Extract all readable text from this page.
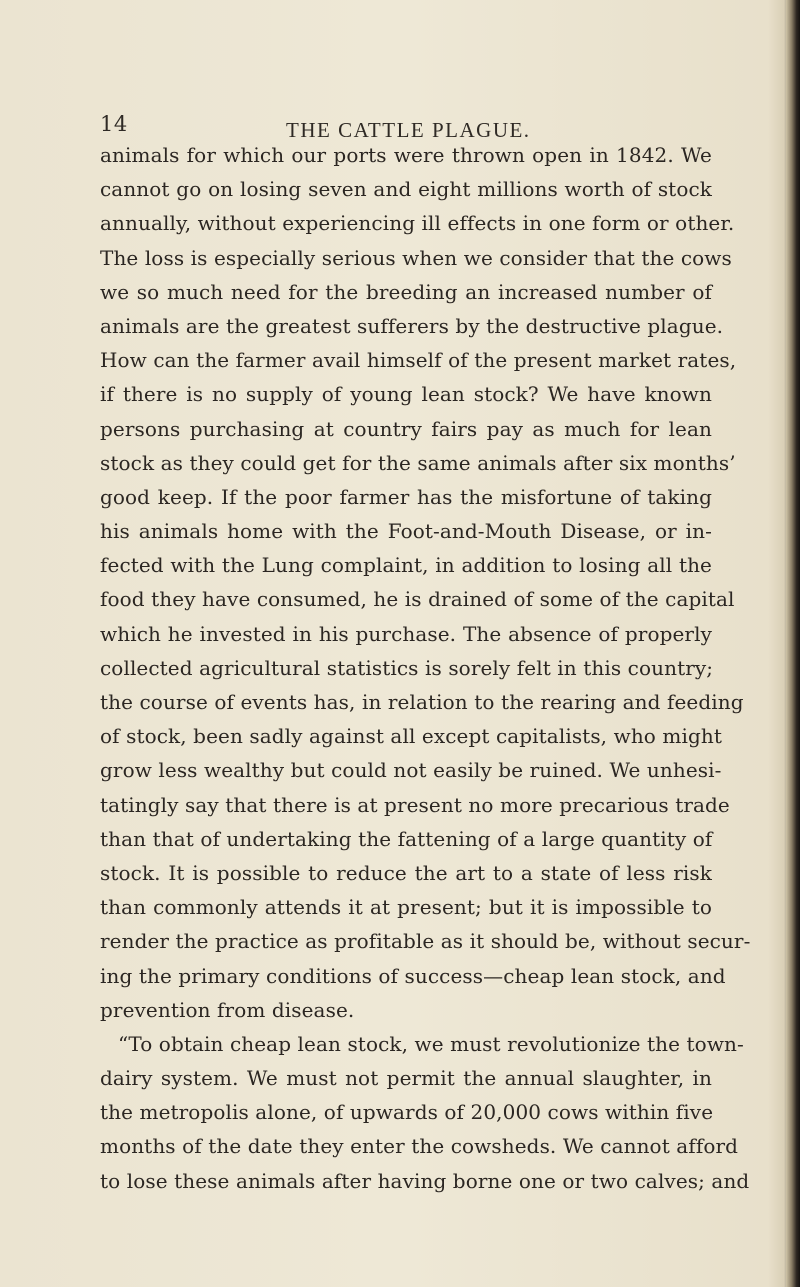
14	THE CATTLE PLAGUE.
animals for which our ports were thrown open in 1842. We
cannot go on losing seven and eight millions worth of stock
annually, without experiencing ill effects in one form or other.
The loss is especially serious when we consider that the cows
we so much need for the breeding an increased number of
animals are the greatest sufferers by the destructive plague.
How can the farmer avail himself of the present market rates,
if there is no supply of young lean stock? We have known
persons purchasing at country fairs pay as much for lean
stock as they could get for the same animals after six months’
good keep. If the poor farmer has the misfortune of taking
his animals home with the Foot-and-Mouth Disease, or in-
fected with the Lung complaint, in addition to losing all the
food they have consumed, he is drained of some of the capital
which he invested in his purchase. The absence of properly
collected agricultural statistics is sorely felt in this country;
the course of events has, in relation to the rearing and feeding
of stock, been sadly against all except capitalists, who might
grow less wealthy but could not easily be ruined. We unhesi-
tatingly say that there is at present no more precarious trade
than that of undertaking the fattening of a large quantity of
stock. It is possible to reduce the art to a state of less risk
than commonly attends it at present; but it is impossible to
render the practice as profitable as it should be, without secur-
ing the primary conditions of success—cheap lean stock, and
prevention from disease.
“To obtain cheap lean stock, we must revolutionize the town-
dairy system. We must not permit the annual slaughter, in
the metropolis alone, of upwards of 20,000 cows within five
months of the date they enter the cowsheds. We cannot afford
to lose these animals after having borne one or two calves; and
